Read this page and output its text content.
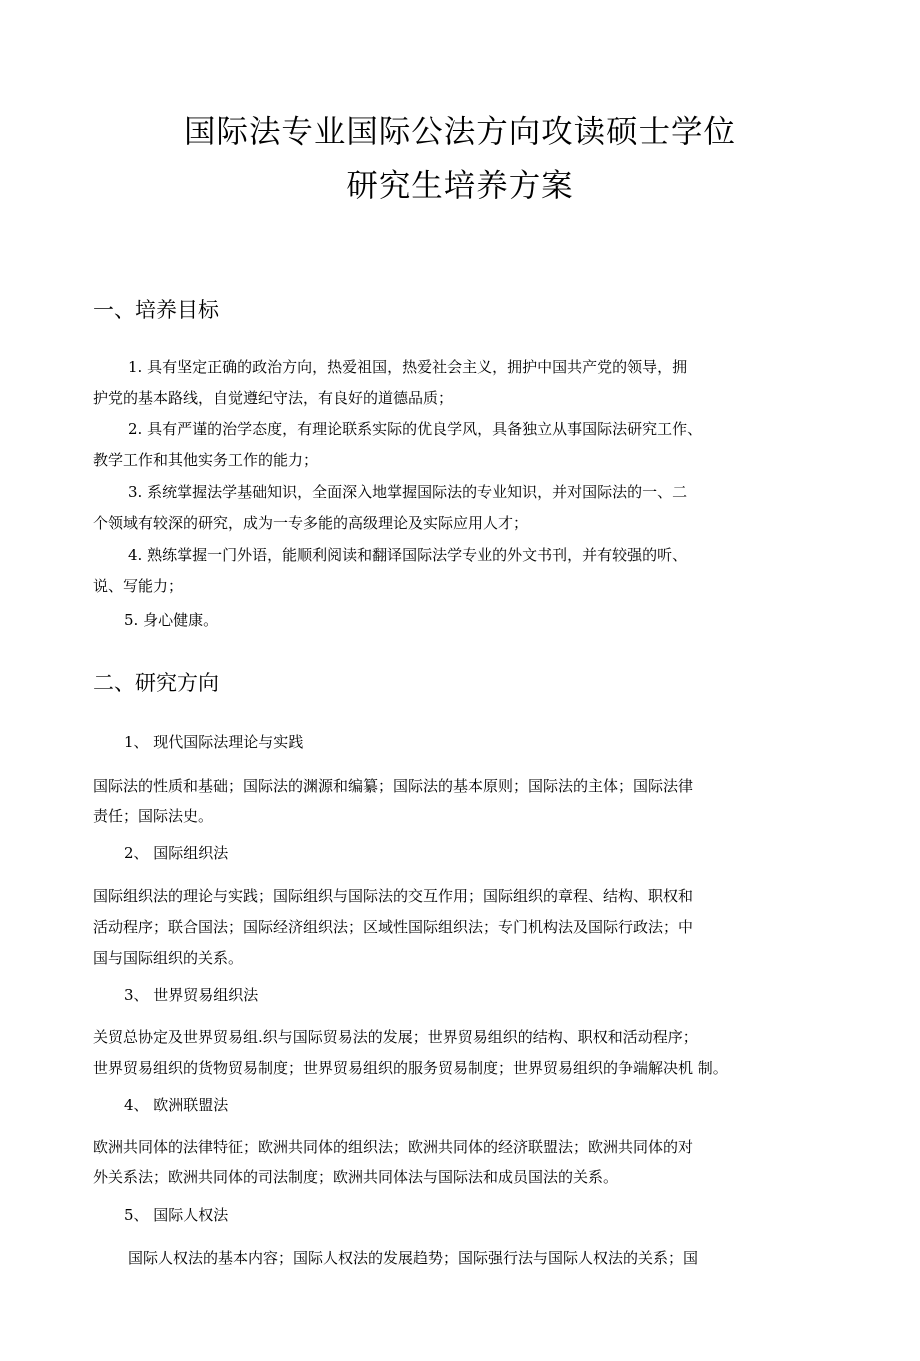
国际法专业国际公法方向攻读硕士学位
研究生培养方案
一、培养目标
1. 具有坚定正确的政治方向，热爱祖国，热爱社会主义，拥护中国共产党的领导，拥
护党的基本路线，自觉遵纪守法，有良好的道德品质；
2. 具有严谨的治学态度，有理论联系实际的优良学风，具备独立从事国际法研究工作、
教学工作和其他实务工作的能力；
3. 系统掌握法学基础知识，全面深入地掌握国际法的专业知识，并对国际法的一、二
个领域有较深的研究，成为一专多能的高级理论及实际应用人才；
4. 熟练掌握一门外语，能顺利阅读和翻译国际法学专业的外文书刊，并有较强的听、
说、写能力；
5. 身心健康。
二、研究方向
1、 现代国际法理论与实践
国际法的性质和基础；国际法的渊源和编纂；国际法的基本原则；国际法的主体；国际法律
责任；国际法史。
2、 国际组织法
国际组织法的理论与实践；国际组织与国际法的交互作用；国际组织的章程、结构、职权和
活动程序；联合国法；国际经济组织法；区域性国际组织法；专门机构法及国际行政法；中
国与国际组织的关系。
3、 世界贸易组织法
关贸总协定及世界贸易组.织与国际贸易法的发展；世界贸易组织的结构、职权和活动程序；
世界贸易组织的货物贸易制度；世界贸易组织的服务贸易制度；世界贸易组织的争端解决机 制。
4、 欧洲联盟法
欧洲共同体的法律特征；欧洲共同体的组织法；欧洲共同体的经济联盟法；欧洲共同体的对
外关系法；欧洲共同体的司法制度；欧洲共同体法与国际法和成员国法的关系。
5、 国际人权法
国际人权法的基本内容；国际人权法的发展趋势；国际强行法与国际人权法的关系；国
